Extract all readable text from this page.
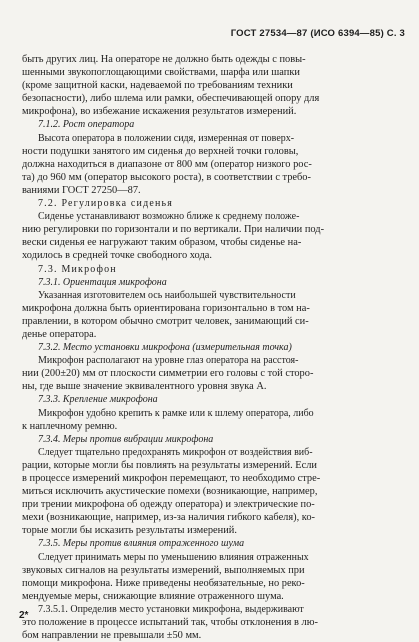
ГОСТ 27534—87 (ИСО 6394—85) С. 3
быть других лиц. На операторе не должно быть одежды с повы-
шенными звукопоглощающими свойствами, шарфа или шапки
(кроме защитной каски, надеваемой по требованиям техники
безопасности), либо шлема или рамки, обеспечивающей опору для
микрофона), во избежание искажения результатов измерений.
7.1.2. Рост оператора
Высота оператора в положении сидя, измеренная от поверх-
ности подушки занятого им сиденья до верхней точки головы,
должна находиться в диапазоне от 800 мм (оператор низкого рос-
та) до 960 мм (оператор высокого роста), в соответствии с требо-
ваниями ГОСТ 27250—87.
7.2. Регулировка сиденья
Сиденье устанавливают возможно ближе к среднему положе-
нию регулировки по горизонтали и по вертикали. При наличии под-
вески сиденья ее нагружают таким образом, чтобы сиденье на-
ходилось в средней точке свободного хода.
7.3. Микрофон
7.3.1. Ориентация микрофона
Указанная изготовителем ось наибольшей чувствительности
микрофона должна быть ориентирована горизонтально в том на-
правлении, в котором обычно смотрит человек, занимающий си-
денье оператора.
7.3.2. Место установки микрофона (измерительная точка)
Микрофон располагают на уровне глаз оператора на расстоя-
нии (200±20) мм от плоскости симметрии его головы с той сторо-
ны, где выше значение эквивалентного уровня звука A.
7.3.3. Крепление микрофона
Микрофон удобно крепить к рамке или к шлему оператора, либо
к наплечному ремню.
7.3.4. Меры против вибрации микрофона
Следует тщательно предохранять микрофон от воздействия виб-
рации, которые могли бы повлиять на результаты измерений. Если
в процессе измерений микрофон перемещают, то необходимо стре-
миться исключить акустические помехи (возникающие, например,
при трении микрофона об одежду оператора) и электрические по-
мехи (возникающие, например, из-за наличия гибкого кабеля), ко-
торые могли бы исказить результаты измерений.
7.3.5. Меры против влияния отраженного шума
Следует принимать меры по уменьшению влияния отраженных
звуковых сигналов на результаты измерений, выполняемых при
помощи микрофона. Ниже приведены необязательные, но реко-
мендуемые меры, снижающие влияние отраженного шума.
7.3.5.1. Определив место установки микрофона, выдерживают
это положение в процессе испытаний так, чтобы отклонения в лю-
бом направлении не превышали ±50 мм.
2*
